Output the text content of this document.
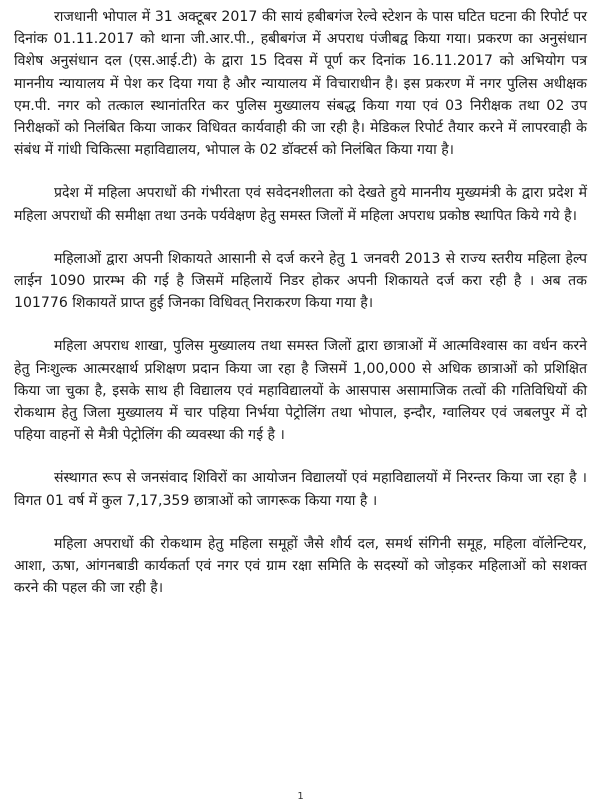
राजधानी भोपाल में 31 अक्टूबर 2017 की सायं हबीबगंज रेल्वे स्टेशन के पास घटित घटना की रिपोर्ट पर दिनांक 01.11.2017 को थाना जी.आर.पी., हबीबगंज में अपराध पंजीबद्व किया गया। प्रकरण का अनुसंधान विशेष अनुसंधान दल (एस.आई.टी) के द्वारा 15 दिवस में पूर्ण कर दिनांक 16.11.2017 को अभियोग पत्र माननीय न्यायालय में पेश कर दिया गया है और न्यायालय में विचाराधीन है। इस प्रकरण में नगर पुलिस अधीक्षक एम.पी. नगर को तत्काल स्थानांतरित कर पुलिस मुख्यालय संबद्ध किया गया एवं 03 निरीक्षक तथा 02 उप निरीक्षकों को निलंबित किया जाकर विधिवत कार्यवाही की जा रही है। मेडिकल रिपोर्ट तैयार करने में लापरवाही के संबंध में गांधी चिकित्सा महाविद्यालय, भोपाल के 02 डॉक्टर्स को निलंबित किया गया है।

प्रदेश में महिला अपराधों की गंभीरता एवं सवेदनशीलता को देखते हुये माननीय मुख्यमंत्री के द्वारा प्रदेश में महिला अपराधों की समीक्षा तथा उनके पर्यवेक्षण हेतु समस्त जिलों में महिला अपराध प्रकोष्ठ स्थापित किये गये है।

महिलाओं द्वारा अपनी शिकायते आसानी से दर्ज करने हेतु 1 जनवरी 2013 से राज्य स्तरीय महिला हेल्प लाईन 1090 प्रारम्भ की गई है जिसमें महिलायें निडर होकर अपनी शिकायते दर्ज करा रही है । अब तक 101776 शिकायतें प्राप्त हुई जिनका विधिवत् निराकरण किया गया है।

महिला अपराध शाखा, पुलिस मुख्यालय तथा समस्त जिलों द्वारा छात्राओं में आत्मविश्वास का वर्धन करने हेतु निःशुल्क आत्मरक्षार्थ प्रशिक्षण प्रदान किया जा रहा है जिसमें 1,00,000 से अधिक छात्राओं को प्रशिक्षित किया जा चुका है, इसके साथ ही विद्यालय एवं महाविद्यालयों के आसपास असामाजिक तत्वों की गतिविधियों की रोकथाम हेतु जिला मुख्यालय में चार पहिया निर्भया पेट्रोलिंग तथा भोपाल, इन्दौर, ग्वालियर एवं जबलपुर में दो पहिया वाहनों से मैत्री पेट्रोलिंग की व्यवस्था की गई है ।

संस्थागत रूप से जनसंवाद शिविरों का आयोजन विद्यालयों एवं महाविद्यालयों में निरन्तर किया जा रहा है । विगत 01 वर्ष में कुल 7,17,359 छात्राओं को जागरूक किया गया है ।

महिला अपराधों की रोकथाम हेतु महिला समूहों जैसे शौर्य दल, समर्थ संगिनी समूह, महिला वॉलेन्टियर, आशा, ऊषा, आंगनबाडी कार्यकर्ता एवं नगर एवं ग्राम रक्षा समिति के सदस्यों को जोड़कर महिलाओं को सशक्त करने की पहल की जा रही है।

1
